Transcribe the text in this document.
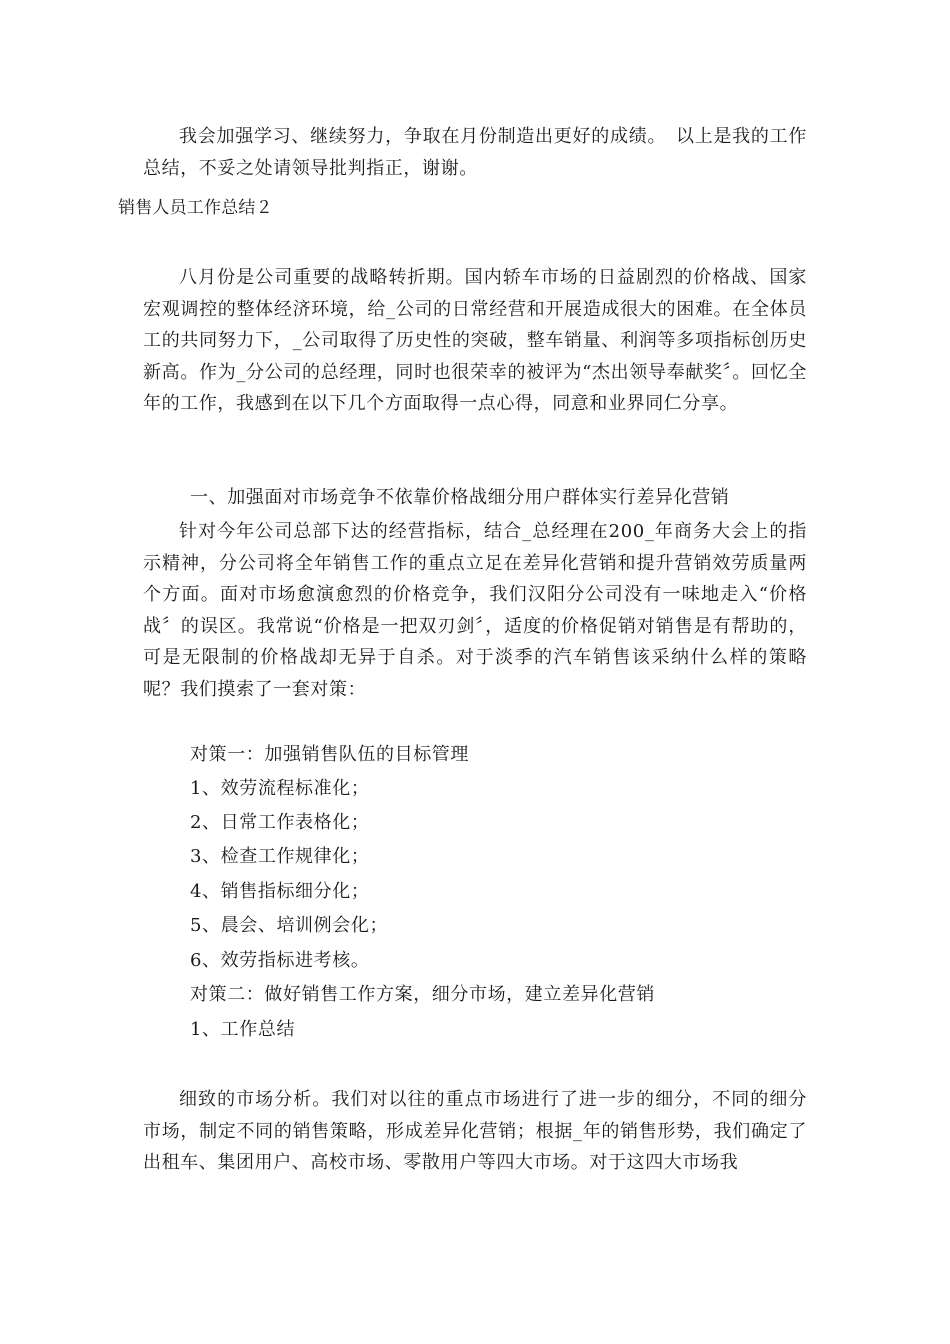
我会加强学习、继续努力，争取在月份制造出更好的成绩。　以上是我的工作总结，不妥之处请领导批判指正，谢谢。

销售人员工作总结２

八月份是公司重要的战略转折期。国内轿车市场的日益剧烈的价格战、国家宏观调控的整体经济环境，给_公司的日常经营和开展造成很大的困难。在全体员工的共同努力下，_公司取得了历史性的突破，整车销量、利润等多项指标创历史新高。作为_分公司的总经理，同时也很荣幸的被评为“杰出领导奉献奖〞。回忆全年的工作，我感到在以下几个方面取得一点心得，同意和业界同仁分享。

一、加强面对市场竞争不依靠价格战细分用户群体实行差异化营销

针对今年公司总部下达的经营指标，结合_总经理在200_年商务大会上的指示精神，分公司将全年销售工作的重点立足在差异化营销和提升营销效劳质量两个方面。面对市场愈演愈烈的价格竞争，我们汉阳分公司没有一味地走入“价格战〞的误区。我常说“价格是一把双刃剑〞，适度的价格促销对销售是有帮助的，可是无限制的价格战却无异于自杀。对于淡季的汽车销售该采纳什么样的策略呢？我们摸索了一套对策：

对策一：加强销售队伍的目标管理

1、效劳流程标准化；

2、日常工作表格化；

3、检查工作规律化；

4、销售指标细分化；

5、晨会、培训例会化；

6、效劳指标进考核。

对策二：做好销售工作方案，细分市场，建立差异化营销

1、工作总结

细致的市场分析。我们对以往的重点市场进行了进一步的细分，不同的细分市场，制定不同的销售策略，形成差异化营销；根据_年的销售形势，我们确定了出租车、集团用户、高校市场、零散用户等四大市场。对于这四大市场我
